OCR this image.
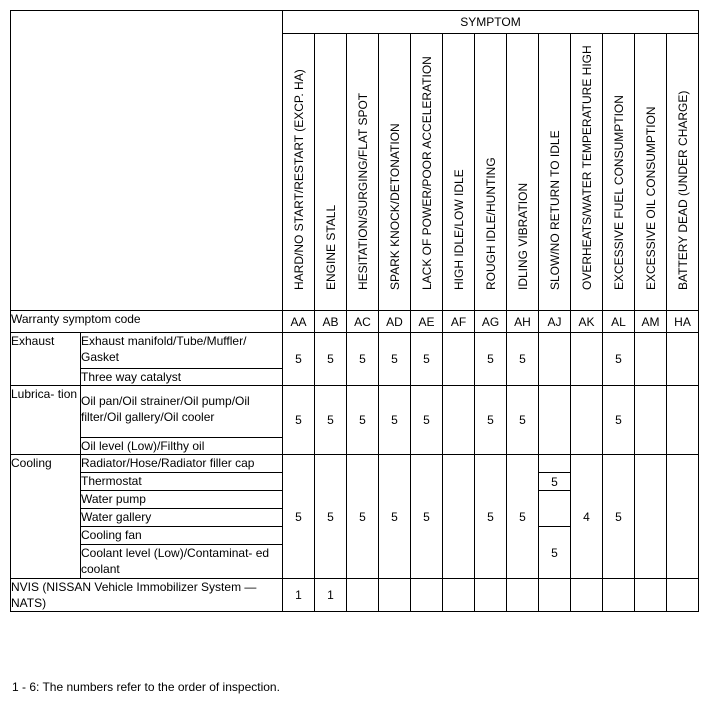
		SYMPTOM												

		HARD/NO START/RESTART (EXCP. HA)	ENGINE STALL	HESITATION/SURGING/FLAT SPOT	SPARK KNOCK/DETONATION	LACK OF POWER/POOR ACCELERATION	HIGH IDLE/LOW IDLE	ROUGH IDLE/HUNTING	IDLING VIBRATION	SLOW/NO RETURN TO IDLE	OVERHEATS/WATER TEMPERATURE HIGH	EXCESSIVE FUEL CONSUMPTION	EXCESSIVE OIL CONSUMPTION	BATTERY DEAD (UNDER CHARGE)

Warranty symptom code		AA	AB	AC	AD	AE	AF	AG	AH	AJ	AK	AL	AM	HA
Exhaust	Exhaust manifold/Tube/Muffler/ Gasket	5	5	5	5	5		5	5			5		
	Three way catalyst													
Lubrica- tion	Oil pan/Oil strainer/Oil pump/Oil filter/Oil gallery/Oil cooler	5	5	5	5	5		5	5			5		
	Oil level (Low)/Filthy oil													
Cooling	Radiator/Hose/Radiator filler cap	5	5	5	5	5		5	5		4	5		
	Thermostat									5				
	Water pump													
	Water gallery													
	Cooling fan									5				
	Coolant level (Low)/Contaminat- ed coolant													
NVIS (NISSAN Vehicle Immobilizer System — NATS)		1	1											
1 - 6: The numbers refer to the order of inspection.
